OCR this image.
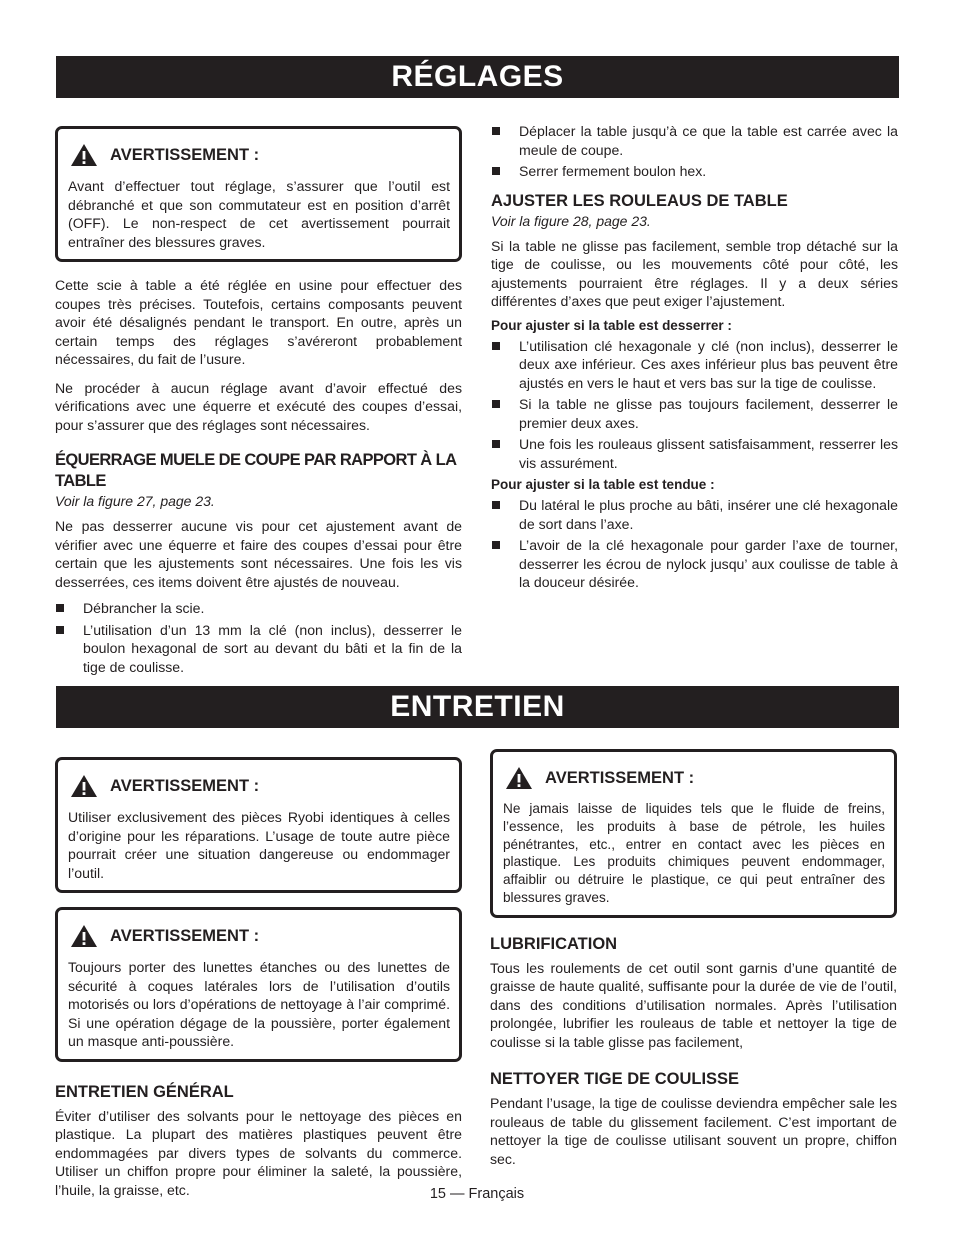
RÉGLAGES
AVERTISSEMENT :

Avant d’effectuer tout réglage, s’assurer que l’outil est débranché et que son commutateur est en position d’arrêt (OFF). Le non-respect de cet avertissement pourrait entraîner des blessures graves.

Cette scie à table a été réglée en usine pour effectuer des coupes très précises. Toutefois, certains composants peuvent avoir été désalignés pendant le transport. En outre, après un certain temps des réglages s’avéreront probablement nécessaires, du fait de l’usure.

Ne procéder à aucun réglage avant d’avoir effectué des vérifications avec une équerre et exécuté des coupes d’essai, pour s’assurer que des réglages sont nécessaires.

ÉQUERRAGE MUELE DE COUPE PAR RAPPORT À LA TABLE

Voir la figure 27, page 23.

Ne pas desserrer aucune vis pour cet ajustement avant de vérifier avec une équerre et faire des coupes d’essai pour être certain que les ajustements sont nécessaires. Une fois les vis desserrées, ces items doivent être ajustés de nouveau.

Débrancher la scie.
L’utilisation d’un 13 mm la clé (non inclus), desserrer le boulon hexagonal de sort au devant du bâti et la fin de la tige de coulisse.
Déplacer la table jusqu’à ce que la table est carrée avec la meule de coupe.
Serrer fermement boulon hex.
AJUSTER LES ROULEAUS DE TABLE

Voir la figure 28, page 23.

Si la table ne glisse pas facilement, semble trop détaché sur la tige de coulisse, ou les mouvements côté pour côté, les ajustements pourraient être réglages. Il y a deux séries différentes d’axes que peut exiger l’ajustement.

Pour ajuster si la table est desserrer :

L’utilisation clé hexagonale y clé (non inclus), desserrer le deux axe inférieur. Ces axes inférieur plus bas peuvent être ajustés en vers le haut et vers bas sur la tige de coulisse.
Si la table ne glisse pas toujours facilement, desserrer le premier deux axes.
Une fois les rouleaus glissent satisfaisamment, resserrer les vis assurément.

Pour ajuster si la table est tendue :

Du latéral le plus proche au bâti, insérer une clé hexagonale de sort dans l’axe.
L’avoir de la clé hexagonale pour garder l’axe de tourner, desserrer les écrou de nylock jusqu’ aux coulisse de table à la douceur désirée.
ENTRETIEN
AVERTISSEMENT :

Utiliser exclusivement des pièces Ryobi identiques à celles d’origine pour les réparations. L’usage de toute autre pièce pourrait créer une situation dangereuse ou endommager l’outil.

AVERTISSEMENT :

Toujours porter des lunettes étanches ou des lunettes de sécurité à coques latérales lors de l’utilisation d’outils motorisés ou lors d’opérations de nettoyage à l’air comprimé. Si une opération dégage de la poussière, porter également un masque anti-poussière.

ENTRETIEN GÉNÉRAL

Éviter d’utiliser des solvants pour le nettoyage des pièces en plastique. La plupart des matières plastiques peuvent être endommagées par divers types de solvants du commerce. Utiliser un chiffon propre pour éliminer la saleté, la poussière, l’huile, la graisse, etc.

AVERTISSEMENT :

Ne jamais laisse de liquides tels que le fluide de freins, l’essence, les produits à base de pétrole, les huiles pénétrantes, etc., entrer en contact avec les pièces en plastique. Les produits chimiques peuvent endommager, affaiblir ou détruire le plastique, ce qui peut entraîner des blessures graves.

LUBRIFICATION

Tous les roulements de cet outil sont garnis d’une quantité de graisse de haute qualité, suffisante pour la durée de vie de l’outil, dans des conditions d’utilisation normales. Après l’utilisation prolongée, lubrifier les rouleaus de table et nettoyer la tige de coulisse si la table glisse pas facilement,

NETTOYER TIGE DE COULISSE

Pendant l’usage, la tige de coulisse deviendra empêcher sale les rouleaus de table du glissement facilement. C’est important de nettoyer la tige de coulisse utilisant souvent un propre, chiffon sec.

15 — Français
